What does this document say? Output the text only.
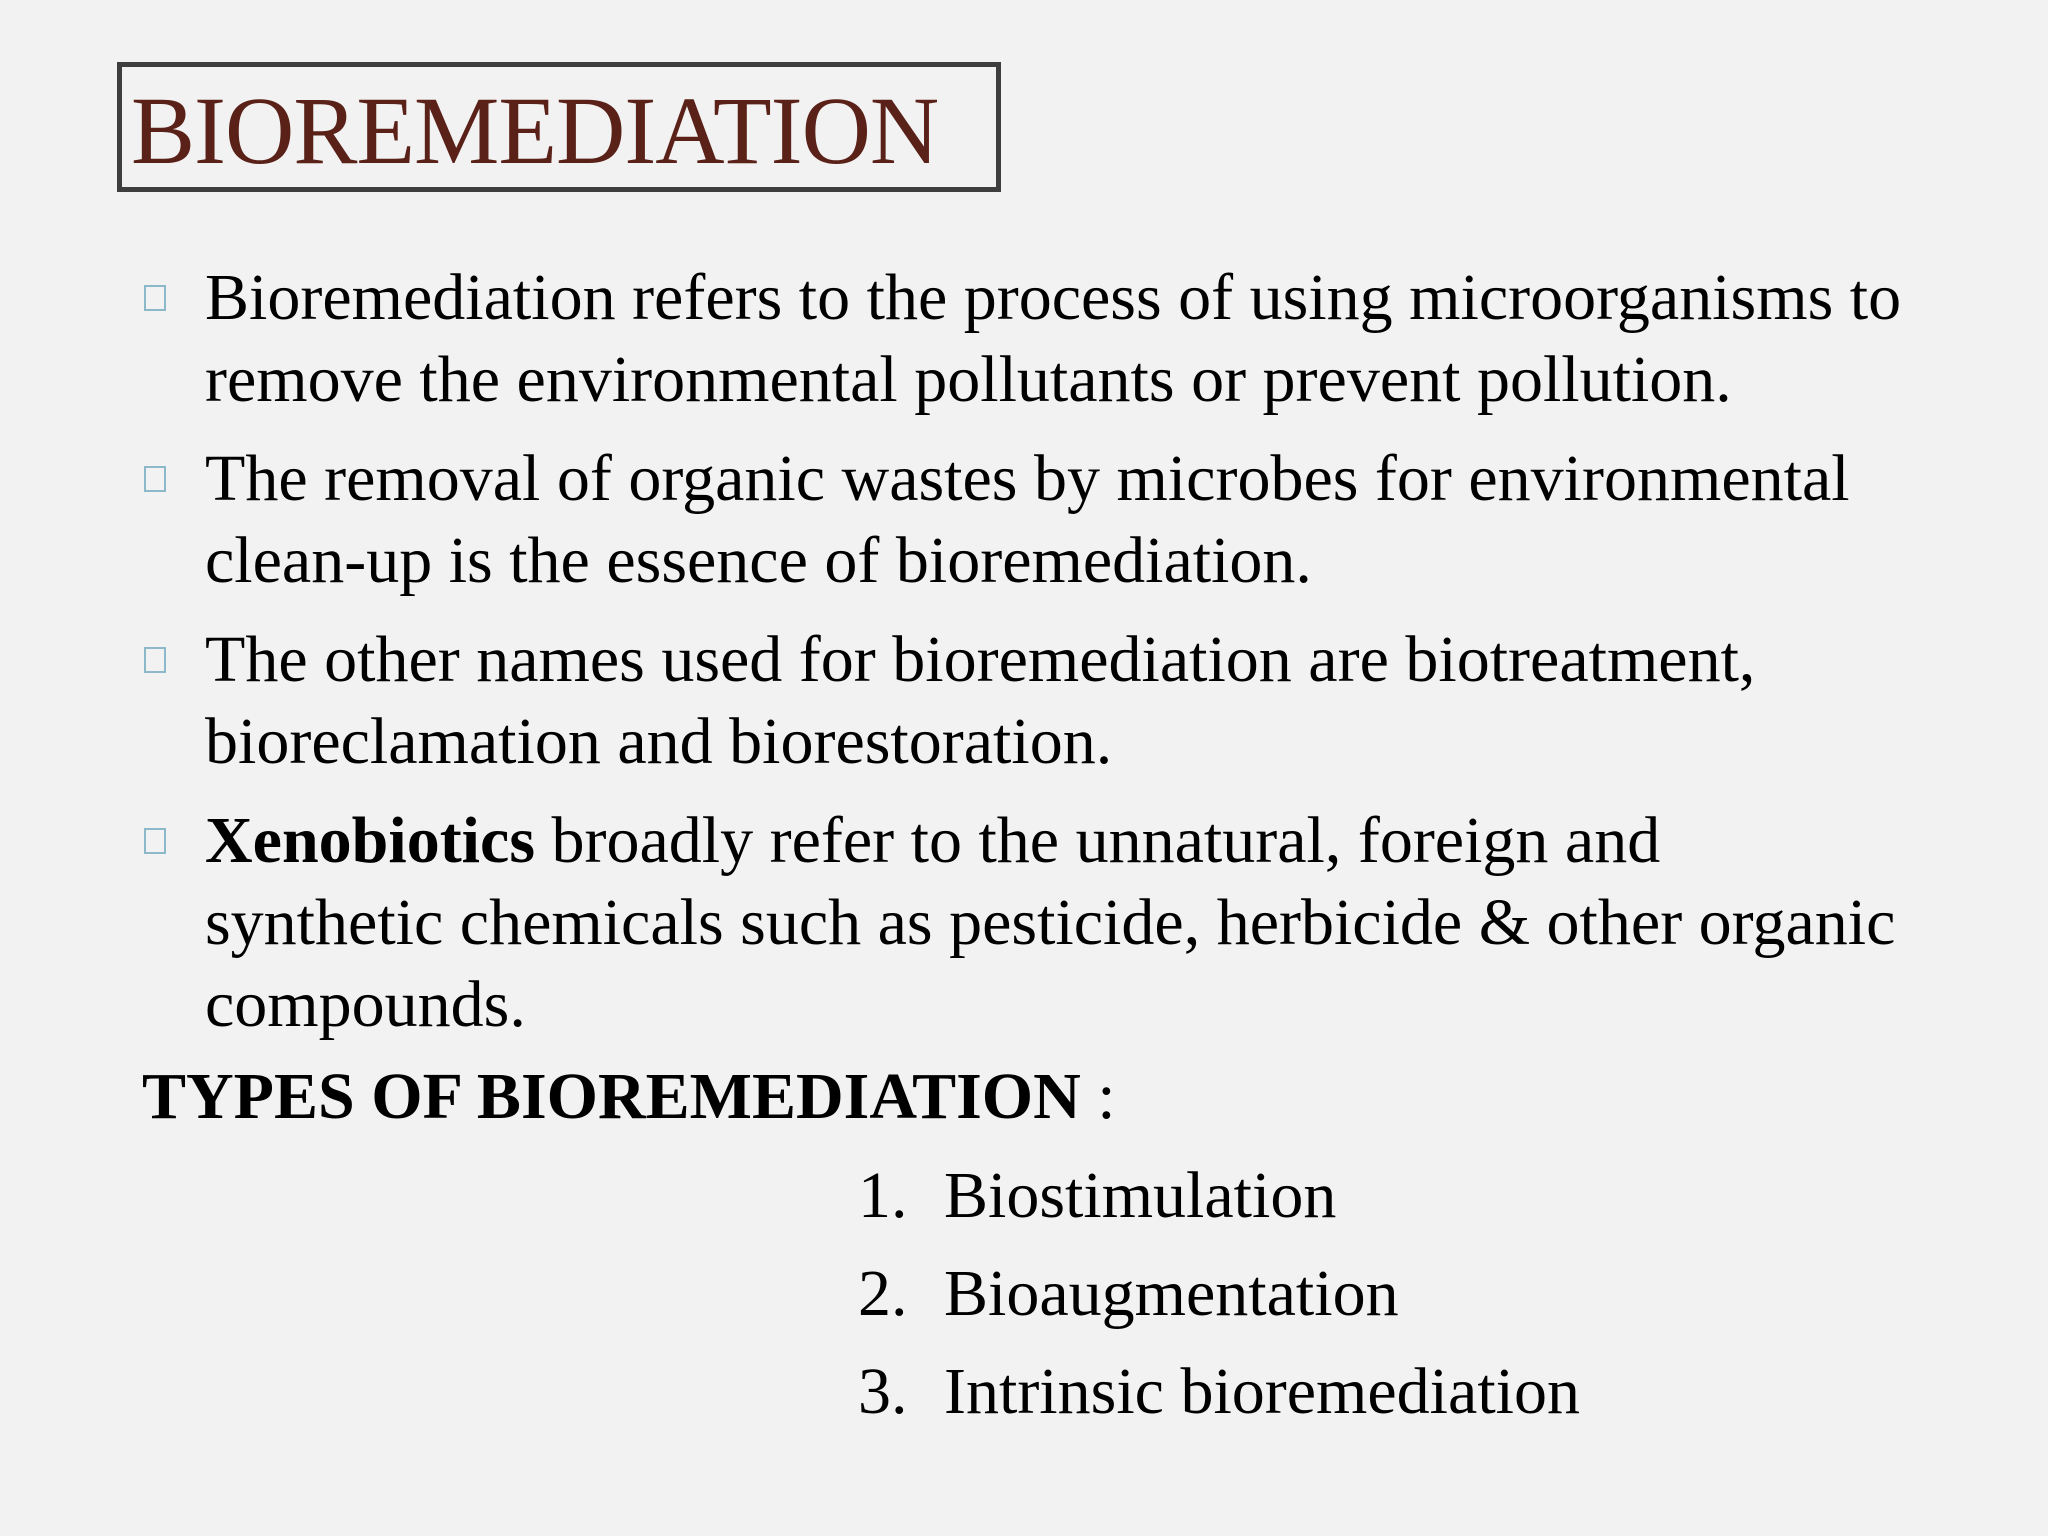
BIOREMEDIATION
Bioremediation refers to the process of using microorganisms to
remove the environmental pollutants or prevent pollution.
The removal of organic wastes by microbes for environmental
clean-up is the essence of bioremediation.
The other names used for bioremediation are biotreatment,
bioreclamation and biorestoration.
Xenobiotics broadly refer to the unnatural, foreign and
synthetic chemicals such as pesticide, herbicide & other organic
compounds.
TYPES OF BIOREMEDIATION :
1. Biostimulation
2. Bioaugmentation
3. Intrinsic bioremediation
